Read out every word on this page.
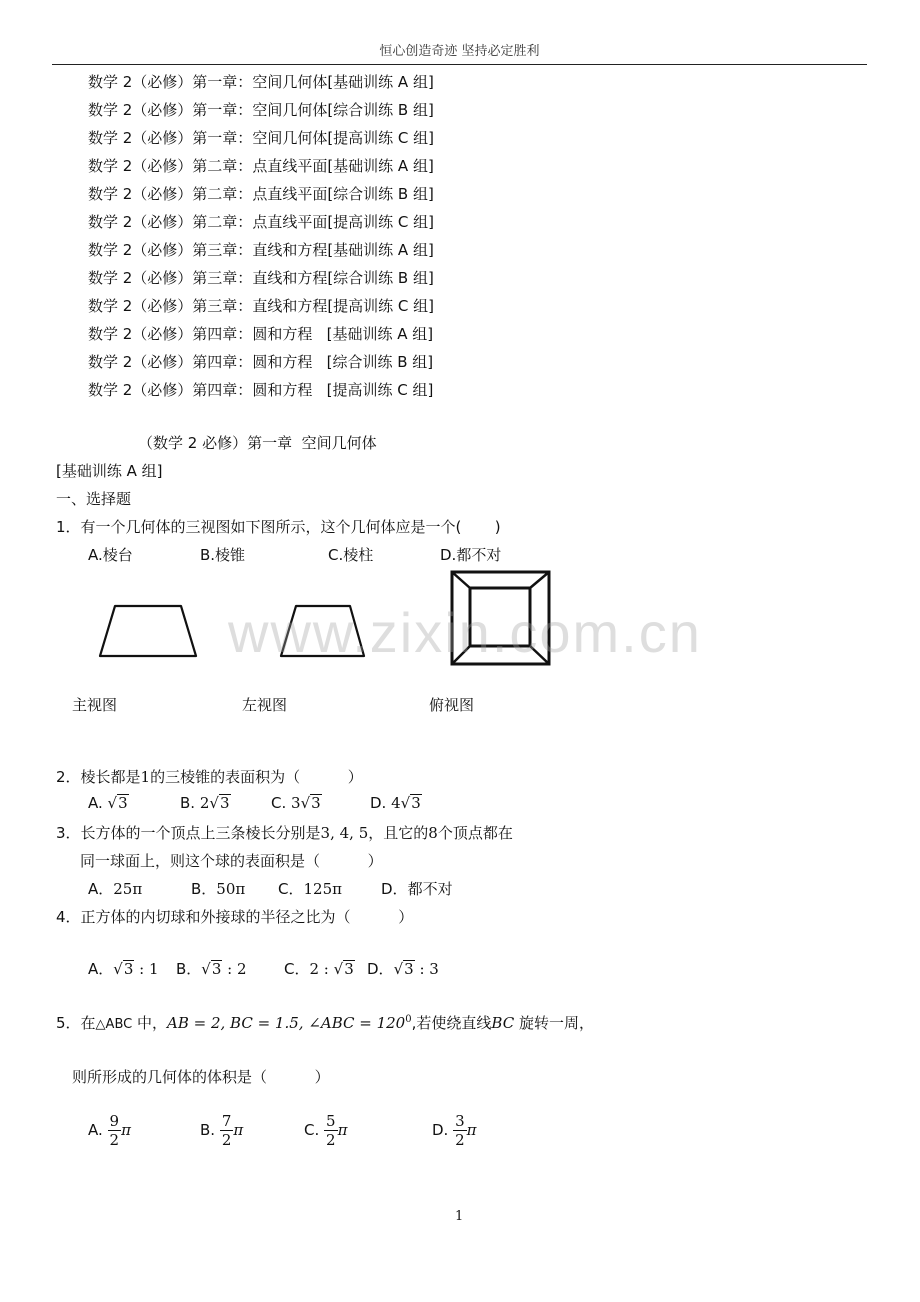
恒心创造奇迹 坚持必定胜利
数学 2（必修）第一章：空间几何体[基础训练 A 组]
数学 2（必修）第一章：空间几何体[综合训练 B 组]
数学 2（必修）第一章：空间几何体[提高训练 C 组]
数学 2（必修）第二章：点直线平面[基础训练 A 组]
数学 2（必修）第二章：点直线平面[综合训练 B 组]
数学 2（必修）第二章：点直线平面[提高训练 C 组]
数学 2（必修）第三章：直线和方程[基础训练 A 组]
数学 2（必修）第三章：直线和方程[综合训练 B 组]
数学 2（必修）第三章：直线和方程[提高训练 C 组]
数学 2（必修）第四章：圆和方程   [基础训练 A 组]
数学 2（必修）第四章：圆和方程   [综合训练 B 组]
数学 2（必修）第四章：圆和方程   [提高训练 C 组]
（数学 2 必修）第一章  空间几何体
[基础训练 A 组]
一、选择题
1．有一个几何体的三视图如下图所示，这个几何体应是一个(       )
A.棱台	B.棱锥	C.棱柱	D.都不对
www.zixin.com.cn
主视图	左视图	俯视图
2．棱长都是1的三棱锥的表面积为（          ）
A. √3	B. 2√3	C. 3√3	D. 4√3
3．长方体的一个顶点上三条棱长分别是3, 4, 5，且它的8个顶点都在
同一球面上，则这个球的表面积是（          ）
A．25π	B．50π C．125π	D．都不对
4．正方体的内切球和外接球的半径之比为（          ）
A．√3 : 1 B．√3 : 2 C．2 : √3 D．√3 : 3
5．在△ABC 中，AB = 2, BC = 1.5, ∠ABC = $120^0$,若使绕直线BC 旋转一周，
则所形成的几何体的体积是（          ）
A. $\frac{9}{2}$ π	B. $\frac{7}{2}$ π	C. $\frac{5}{2}$ π	D. $\frac{3}{2}$ π
1
